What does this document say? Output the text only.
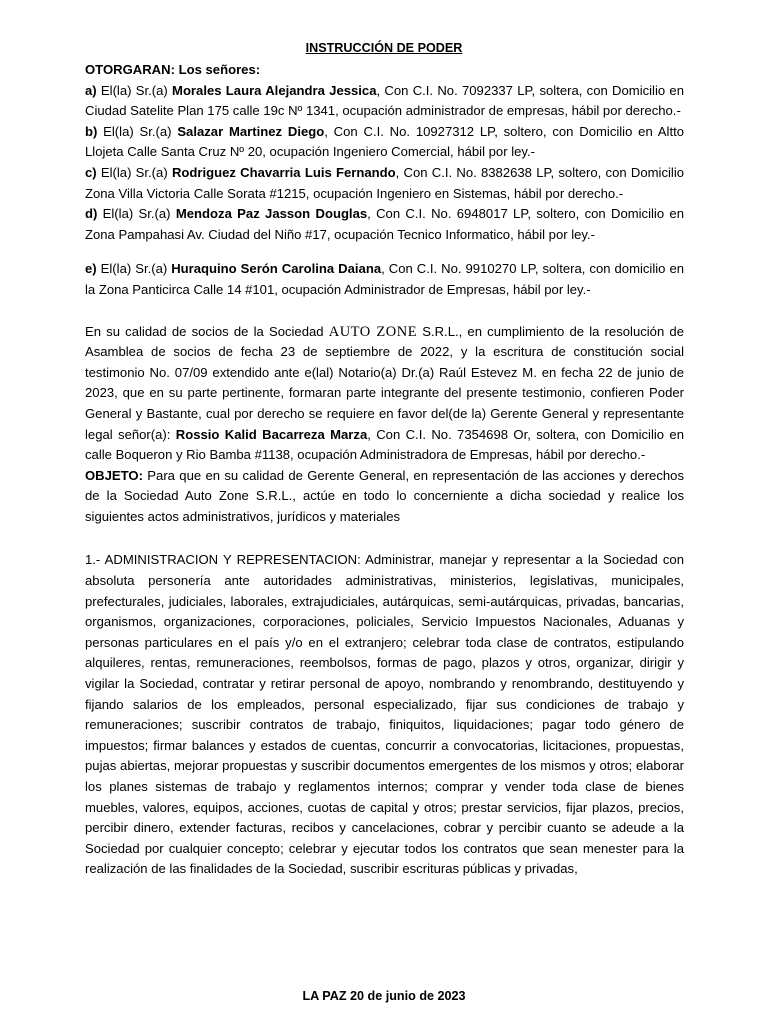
INSTRUCCIÓN DE PODER

OTORGARAN: Los señores:

a) El(la) Sr.(a) Morales Laura Alejandra Jessica, Con C.I. No. 7092337 LP, soltera, con Domicilio en Ciudad Satelite Plan 175 calle 19c Nº 1341, ocupación administrador de empresas, hábil por derecho.-

b) El(la) Sr.(a) Salazar Martinez Diego, Con C.I. No. 10927312 LP, soltero, con Domicilio en Altto Llojeta Calle Santa Cruz Nº 20, ocupación Ingeniero Comercial, hábil por ley.-

c) El(la) Sr.(a) Rodriguez Chavarria Luis Fernando, Con C.I. No. 8382638 LP, soltero, con Domicilio Zona Villa Victoria Calle Sorata #1215, ocupación Ingeniero en Sistemas, hábil por derecho.-

d) El(la) Sr.(a) Mendoza Paz Jasson Douglas, Con C.I. No. 6948017 LP, soltero, con Domicilio en Zona Pampahasi Av. Ciudad del Niño #17, ocupación Tecnico Informatico, hábil por ley.-

e) El(la) Sr.(a) Huraquino Serón Carolina Daiana, Con C.I. No. 9910270 LP, soltera, con domicilio en la Zona Panticirca Calle 14 #101, ocupación Administrador de Empresas, hábil por ley.-

En su calidad de socios de la Sociedad AUTO ZONE S.R.L., en cumplimiento de la resolución de Asamblea de socios de fecha 23 de septiembre de 2022, y la escritura de constitución social testimonio No. 07/09 extendido ante e(lal) Notario(a) Dr.(a) Raúl Estevez M. en fecha 22 de junio de 2023, que en su parte pertinente, formaran parte integrante del presente testimonio, confieren Poder General y Bastante, cual por derecho se requiere en favor del(de la) Gerente General y representante legal señor(a): Rossio Kalid Bacarreza Marza, Con C.I. No. 7354698 Or, soltera, con Domicilio en calle Boqueron y Rio Bamba #1138, ocupación Administradora de Empresas, hábil por derecho.-

OBJETO: Para que en su calidad de Gerente General, en representación de las acciones y derechos de la Sociedad Auto Zone S.R.L., actúe en todo lo concerniente a dicha sociedad y realice los siguientes actos administrativos, jurídicos y materiales

1.- ADMINISTRACION Y REPRESENTACION: Administrar, manejar y representar a la Sociedad con absoluta personería ante autoridades administrativas, ministerios, legislativas, municipales, prefecturales, judiciales, laborales, extrajudiciales, autárquicas, semi-autárquicas, privadas, bancarias, organismos, organizaciones, corporaciones, policiales, Servicio Impuestos Nacionales, Aduanas y personas particulares en el país y/o en el extranjero; celebrar toda clase de contratos, estipulando alquileres, rentas, remuneraciones, reembolsos, formas de pago, plazos y otros, organizar, dirigir y vigilar la Sociedad, contratar y retirar personal de apoyo, nombrando y renombrando, destituyendo y fijando salarios de los empleados, personal especializado, fijar sus condiciones de trabajo y remuneraciones; suscribir contratos de trabajo, finiquitos, liquidaciones; pagar todo género de impuestos; firmar balances y estados de cuentas, concurrir a convocatorias, licitaciones, propuestas, pujas abiertas, mejorar propuestas y suscribir documentos emergentes de los mismos y otros; elaborar los planes sistemas de trabajo y reglamentos internos; comprar y vender toda clase de bienes muebles, valores, equipos, acciones, cuotas de capital y otros; prestar servicios, fijar plazos, precios, percibir dinero, extender facturas, recibos y cancelaciones, cobrar y percibir cuanto se adeude a la Sociedad por cualquier concepto; celebrar y ejecutar todos los contratos que sean menester para la realización de las finalidades de la Sociedad, suscribir escrituras públicas y privadas,

LA PAZ 20 de junio de 2023
